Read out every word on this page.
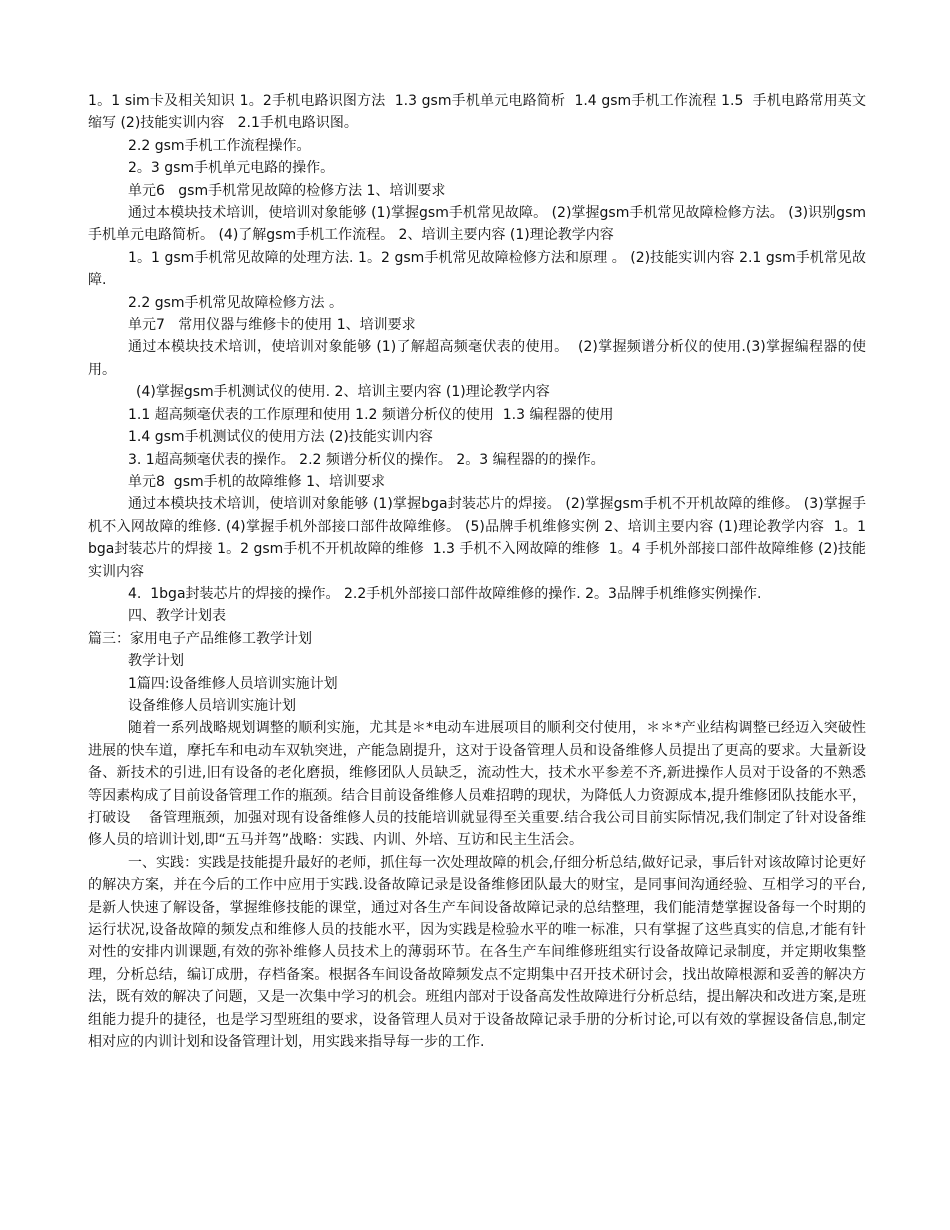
1。1 sim卡及相关知识 1。2手机电路识图方法  1.3 gsm手机单元电路简析  1.4 gsm手机工作流程 1.5  手机电路常用英文缩写 (2)技能实训内容   2.1手机电路识图。

2.2 gsm手机工作流程操作。

2。3 gsm手机单元电路的操作。

单元6   gsm手机常见故障的检修方法 1、培训要求

通过本模块技术培训，使培训对象能够 (1)掌握gsm手机常见故障。 (2)掌握gsm手机常见故障检修方法。 (3)识别gsm手机单元电路简析。 (4)了解gsm手机工作流程。 2、培训主要内容 (1)理论教学内容

1。1 gsm手机常见故障的处理方法. 1。2 gsm手机常见故障检修方法和原理 。 (2)技能实训内容 2.1 gsm手机常见故障.

2.2 gsm手机常见故障检修方法 。

单元7   常用仪器与维修卡的使用 1、培训要求

通过本模块技术培训，使培训对象能够 (1)了解超高频毫伏表的使用。  (2)掌握频谱分析仪的使用.(3)掌握编程器的使用。

(4)掌握gsm手机测试仪的使用. 2、培训主要内容 (1)理论教学内容

1.1 超高频毫伏表的工作原理和使用 1.2 频谱分析仪的使用  1.3 编程器的使用

1.4 gsm手机测试仪的使用方法 (2)技能实训内容

3. 1超高频毫伏表的操作。 2.2 频谱分析仪的操作。 2。3 编程器的的操作。

单元8  gsm手机的故障维修 1、培训要求

通过本模块技术培训，使培训对象能够 (1)掌握bga封装芯片的焊接。 (2)掌握gsm手机不开机故障的维修。 (3)掌握手机不入网故障的维修. (4)掌握手机外部接口部件故障维修。 (5)品牌手机维修实例 2、培训主要内容 (1)理论教学内容  1。1 bga封装芯片的焊接 1。2 gsm手机不开机故障的维修  1.3 手机不入网故障的维修  1。4 手机外部接口部件故障维修 (2)技能实训内容

4.  1bga封装芯片的焊接的操作。 2.2手机外部接口部件故障维修的操作. 2。3品牌手机维修实例操作.

四、教学计划表

篇三：家用电子产品维修工教学计划

教学计划

1篇四:设备维修人员培训实施计划

设备维修人员培训实施计划

随着一系列战略规划调整的顺利实施，尤其是＊*电动车进展项目的顺利交付使用，＊＊*产业结构调整已经迈入突破性进展的快车道，摩托车和电动车双轨突进，产能急剧提升，这对于设备管理人员和设备维修人员提出了更高的要求。大量新设备、新技术的引进,旧有设备的老化磨损，维修团队人员缺乏，流动性大，技术水平参差不齐,新进操作人员对于设备的不熟悉等因素构成了目前设备管理工作的瓶颈。结合目前设备维修人员难招聘的现状，为降低人力资源成本,提升维修团队技能水平，打破设    备管理瓶颈，加强对现有设备维修人员的技能培训就显得至关重要.结合我公司目前实际情况,我们制定了针对设备维修人员的培训计划,即“五马并驾”战略：实践、内训、外培、互访和民主生活会。

一、实践：实践是技能提升最好的老师，抓住每一次处理故障的机会,仔细分析总结,做好记录，事后针对该故障讨论更好的解决方案，并在今后的工作中应用于实践.设备故障记录是设备维修团队最大的财宝，是同事间沟通经验、互相学习的平台,是新人快速了解设备，掌握维修技能的课堂，通过对各生产车间设备故障记录的总结整理，我们能清楚掌握设备每一个时期的运行状况,设备故障的频发点和维修人员的技能水平，因为实践是检验水平的唯一标准，只有掌握了这些真实的信息,才能有针对性的安排内训课题,有效的弥补维修人员技术上的薄弱环节。在各生产车间维修班组实行设备故障记录制度，并定期收集整理，分析总结，编订成册，存档备案。根据各车间设备故障频发点不定期集中召开技术研讨会，找出故障根源和妥善的解决方法，既有效的解决了问题，又是一次集中学习的机会。班组内部对于设备高发性故障进行分析总结，提出解决和改进方案,是班组能力提升的捷径，也是学习型班组的要求，设备管理人员对于设备故障记录手册的分析讨论,可以有效的掌握设备信息,制定相对应的内训计划和设备管理计划，用实践来指导每一步的工作.
